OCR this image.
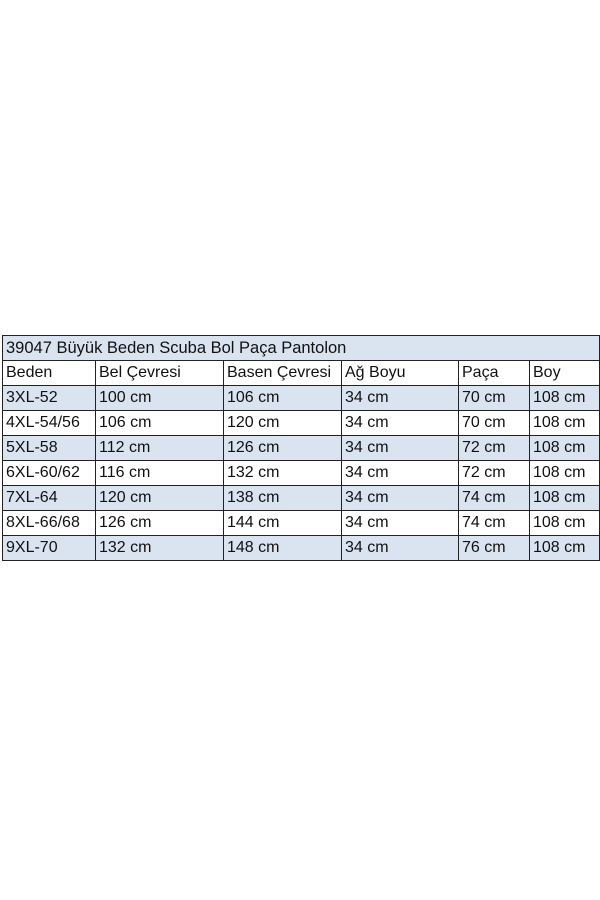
39047 Büyük Beden Scuba Bol Paça Pantolon					
Beden	Bel Çevresi	Basen Çevresi	Ağ Boyu	Paça	Boy
3XL-52	100 cm	106 cm	34 cm	70 cm	108 cm
4XL-54/56	106 cm	120 cm	34 cm	70 cm	108 cm
5XL-58	112 cm	126 cm	34 cm	72 cm	108 cm
6XL-60/62	116 cm	132 cm	34 cm	72 cm	108 cm
7XL-64	120 cm	138 cm	34 cm	74 cm	108 cm
8XL-66/68	126 cm	144 cm	34 cm	74 cm	108 cm
9XL-70	132 cm	148 cm	34 cm	76 cm	108 cm
